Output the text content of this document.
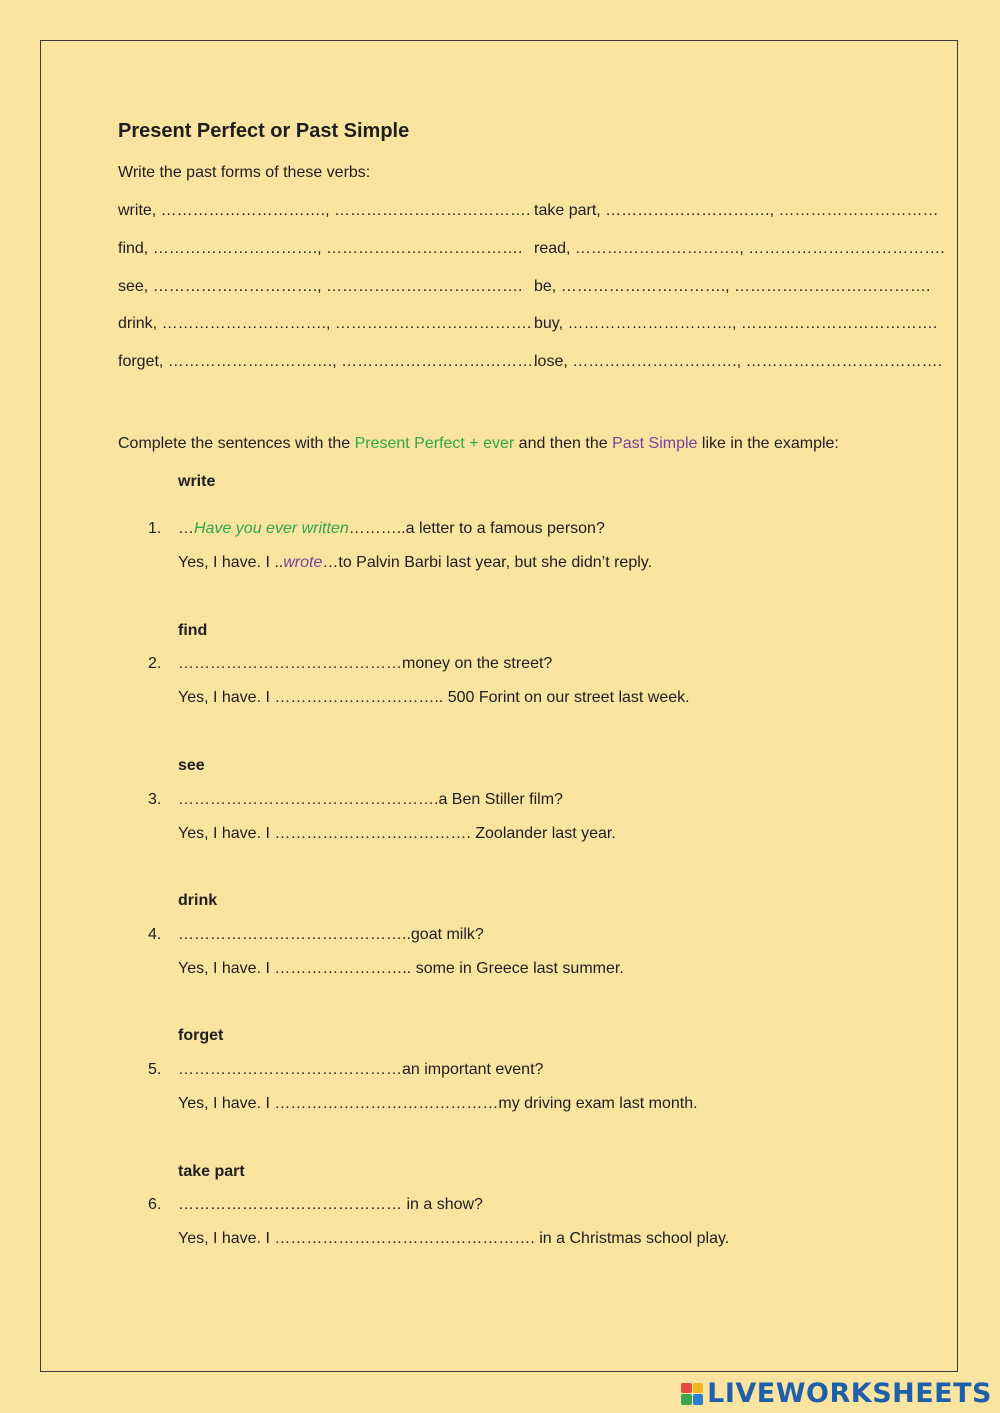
Present Perfect or Past Simple
Write the past forms of these verbs:
write, …………………………., ……………………………….
find, …………………………., ……………………………….
see, …………………………., ……………………………….
drink, …………………………., ……………………………….
forget, …………………………., ……………………………….
take part, …………………………., …………………………
read, …………………………., ……………………………….
be, …………………………., ……………………………….
buy, …………………………., ……………………………….
lose, …………………………., ……………………………….
Complete the sentences with the Present Perfect + ever and then the Past Simple like in the example:
write
1. …Have you ever written………..a letter to a famous person?
Yes, I have. I ..wrote…to Palvin Barbi last year, but she didn’t reply.
find
2. ……………………………………money on the street?
Yes, I have. I ………………………….. 500 Forint on our street last week.
see
3. ………………………………………….a Ben Stiller film?
Yes, I have. I ………………………………. Zoolander last year.
drink
4. ……………………………………..goat milk?
Yes, I have. I …………………….. some in Greece last summer.
forget
5. ……………………………………an important event?
Yes, I have. I ……………………………………my driving exam last month.
take part
6. …………………………………… in a show?
Yes, I have. I …………………………………………. in a Christmas school play.
LIVEWORKSHEETS
